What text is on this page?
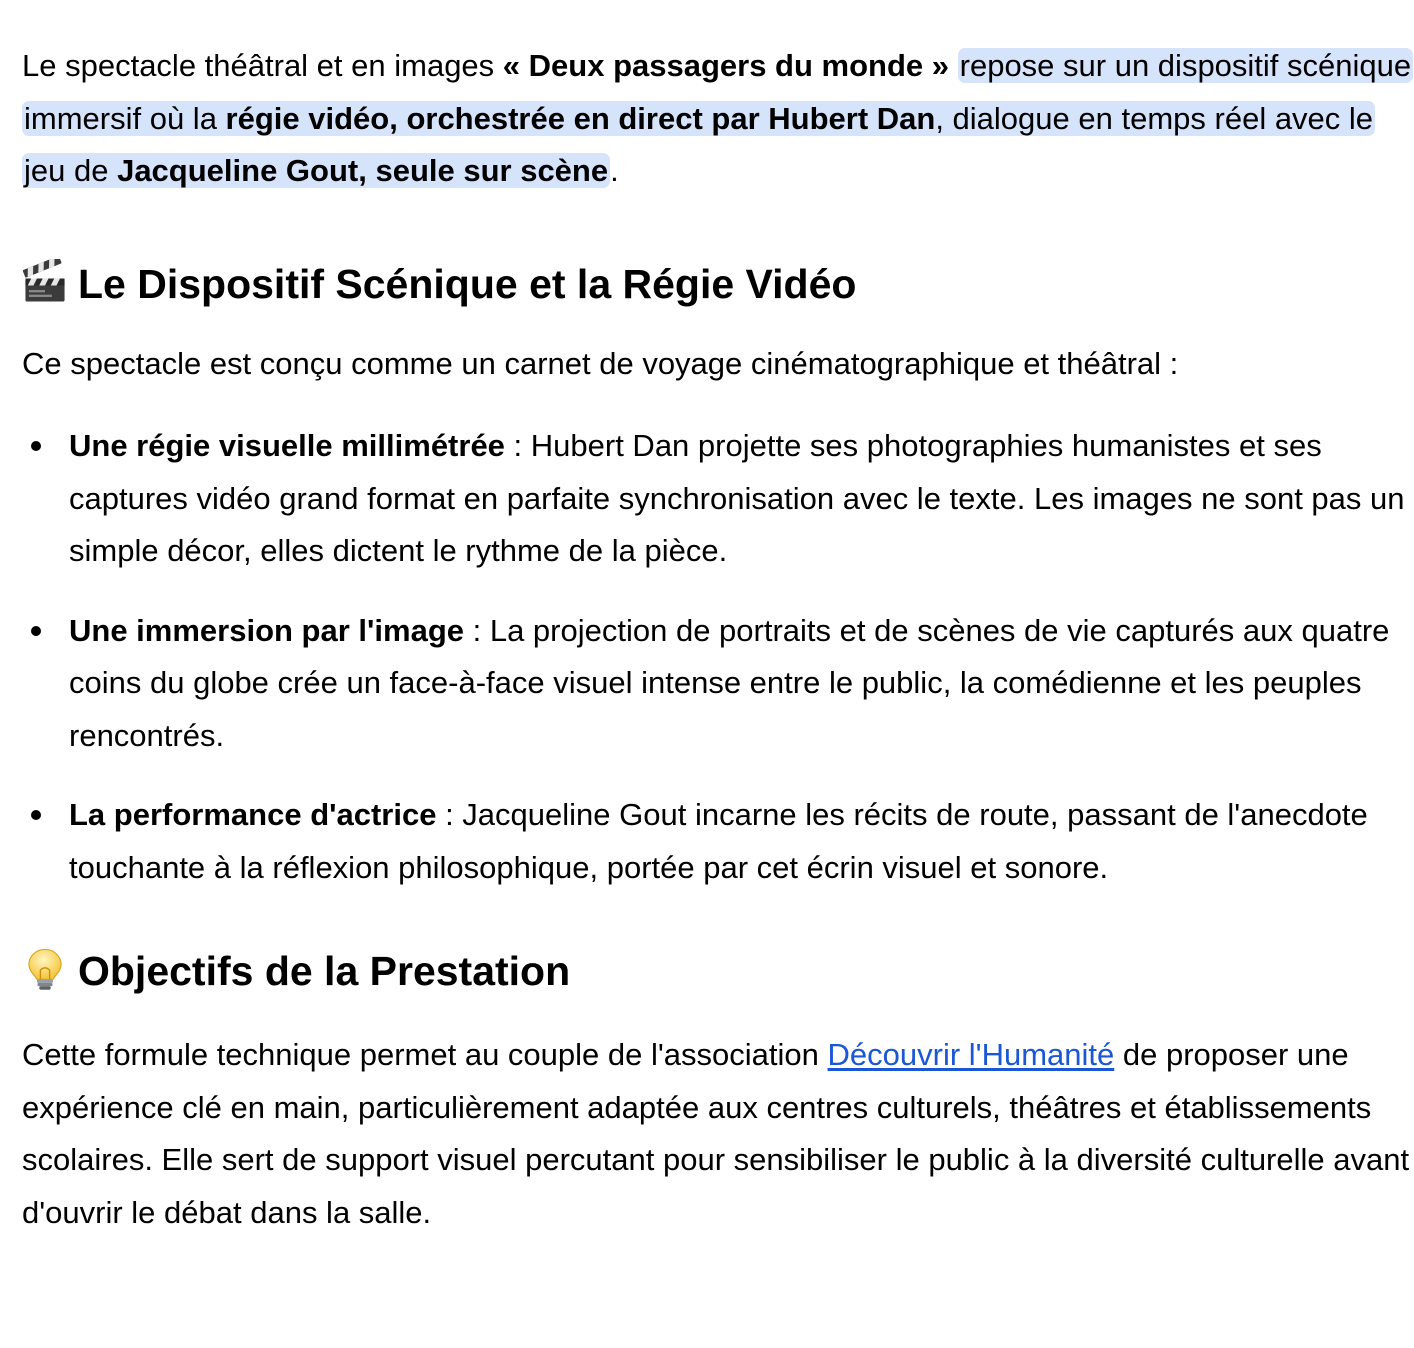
Le spectacle théâtral et en images « Deux passagers du monde » repose sur un dispositif scénique immersif où la régie vidéo, orchestrée en direct par Hubert Dan, dialogue en temps réel avec le jeu de Jacqueline Gout, seule sur scène.

Le Dispositif Scénique et la Régie Vidéo

Ce spectacle est conçu comme un carnet de voyage cinématographique et théâtral :

Une régie visuelle millimétrée : Hubert Dan projette ses photographies humanistes et ses captures vidéo grand format en parfaite synchronisation avec le texte. Les images ne sont pas un simple décor, elles dictent le rythme de la pièce.
Une immersion par l'image : La projection de portraits et de scènes de vie capturés aux quatre coins du globe crée un face-à-face visuel intense entre le public, la comédienne et les peuples rencontrés.
La performance d'actrice : Jacqueline Gout incarne les récits de route, passant de l'anecdote touchante à la réflexion philosophique, portée par cet écrin visuel et sonore.
Objectifs de la Prestation

Cette formule technique permet au couple de l'association Découvrir l'Humanité de proposer une expérience clé en main, particulièrement adaptée aux centres culturels, théâtres et établissements scolaires. Elle sert de support visuel percutant pour sensibiliser le public à la diversité culturelle avant d'ouvrir le débat dans la salle.
